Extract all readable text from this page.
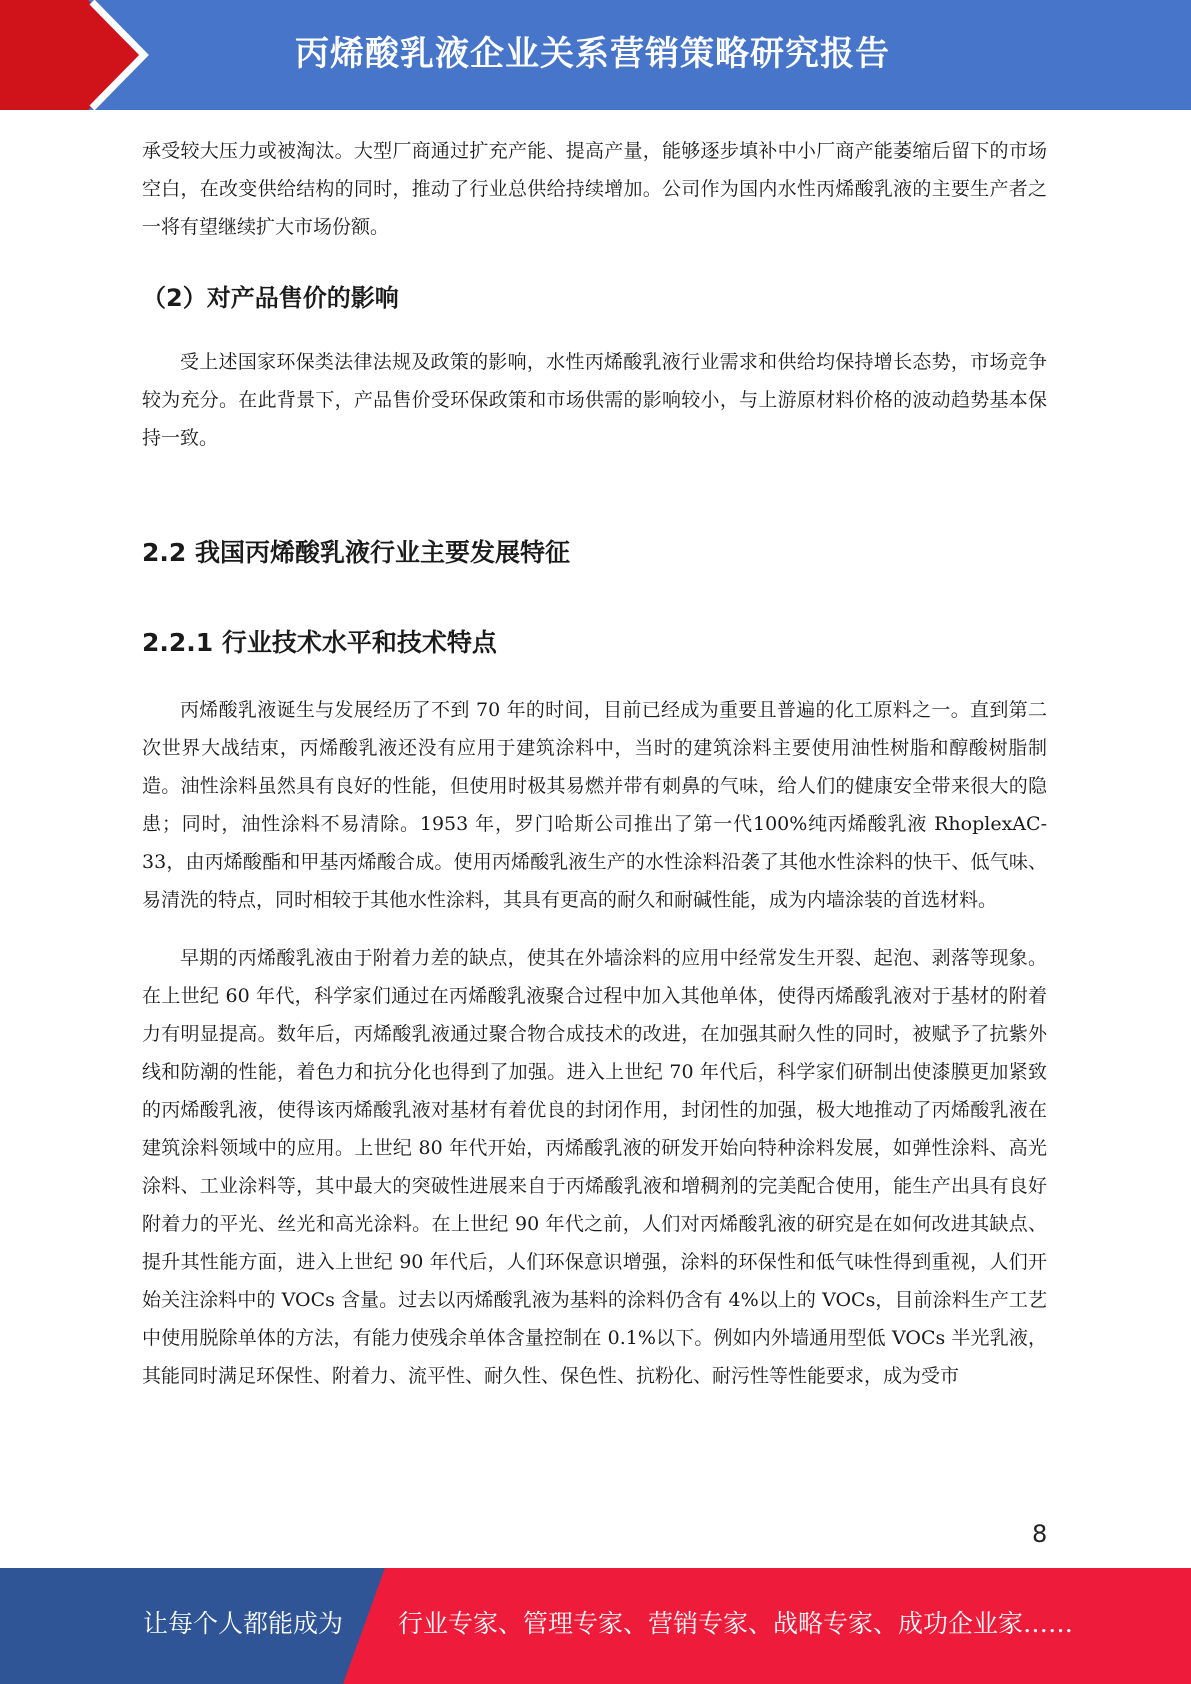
丙烯酸乳液企业关系营销策略研究报告

承受较大压力或被淘汰。大型厂商通过扩充产能、提高产量，能够逐步填补中小厂商产能萎缩后留下的市场空白，在改变供给结构的同时，推动了行业总供给持续增加。公司作为国内水性丙烯酸乳液的主要生产者之一将有望继续扩大市场份额。

（2）对产品售价的影响

受上述国家环保类法律法规及政策的影响，水性丙烯酸乳液行业需求和供给均保持增长态势，市场竞争较为充分。在此背景下，产品售价受环保政策和市场供需的影响较小，与上游原材料价格的波动趋势基本保持一致。

2.2 我国丙烯酸乳液行业主要发展特征
2.2.1 行业技术水平和技术特点

丙烯酸乳液诞生与发展经历了不到 70 年的时间，目前已经成为重要且普遍的化工原料之一。直到第二次世界大战结束，丙烯酸乳液还没有应用于建筑涂料中，当时的建筑涂料主要使用油性树脂和醇酸树脂制造。油性涂料虽然具有良好的性能，但使用时极其易燃并带有刺鼻的气味，给人们的健康安全带来很大的隐患；同时，油性涂料不易清除。1953 年，罗门哈斯公司推出了第一代100%纯丙烯酸乳液 RhoplexAC-33，由丙烯酸酯和甲基丙烯酸合成。使用丙烯酸乳液生产的水性涂料沿袭了其他水性涂料的快干、低气味、易清洗的特点，同时相较于其他水性涂料，其具有更高的耐久和耐碱性能，成为内墙涂装的首选材料。

早期的丙烯酸乳液由于附着力差的缺点，使其在外墙涂料的应用中经常发生开裂、起泡、剥落等现象。在上世纪 60 年代，科学家们通过在丙烯酸乳液聚合过程中加入其他单体，使得丙烯酸乳液对于基材的附着力有明显提高。数年后，丙烯酸乳液通过聚合物合成技术的改进，在加强其耐久性的同时，被赋予了抗紫外线和防潮的性能，着色力和抗分化也得到了加强。进入上世纪 70 年代后，科学家们研制出使漆膜更加紧致的丙烯酸乳液，使得该丙烯酸乳液对基材有着优良的封闭作用，封闭性的加强，极大地推动了丙烯酸乳液在建筑涂料领域中的应用。上世纪 80 年代开始，丙烯酸乳液的研发开始向特种涂料发展，如弹性涂料、高光涂料、工业涂料等，其中最大的突破性进展来自于丙烯酸乳液和增稠剂的完美配合使用，能生产出具有良好附着力的平光、丝光和高光涂料。在上世纪 90 年代之前，人们对丙烯酸乳液的研究是在如何改进其缺点、提升其性能方面，进入上世纪 90 年代后，人们环保意识增强，涂料的环保性和低气味性得到重视，人们开始关注涂料中的 VOCs 含量。过去以丙烯酸乳液为基料的涂料仍含有 4%以上的 VOCs，目前涂料生产工艺中使用脱除单体的方法，有能力使残余单体含量控制在 0.1%以下。例如内外墙通用型低 VOCs 半光乳液，其能同时满足环保性、附着力、流平性、耐久性、保色性、抗粉化、耐污性等性能要求，成为受市

8
让每个人都能成为 行业专家、管理专家、营销专家、战略专家、成功企业家……
